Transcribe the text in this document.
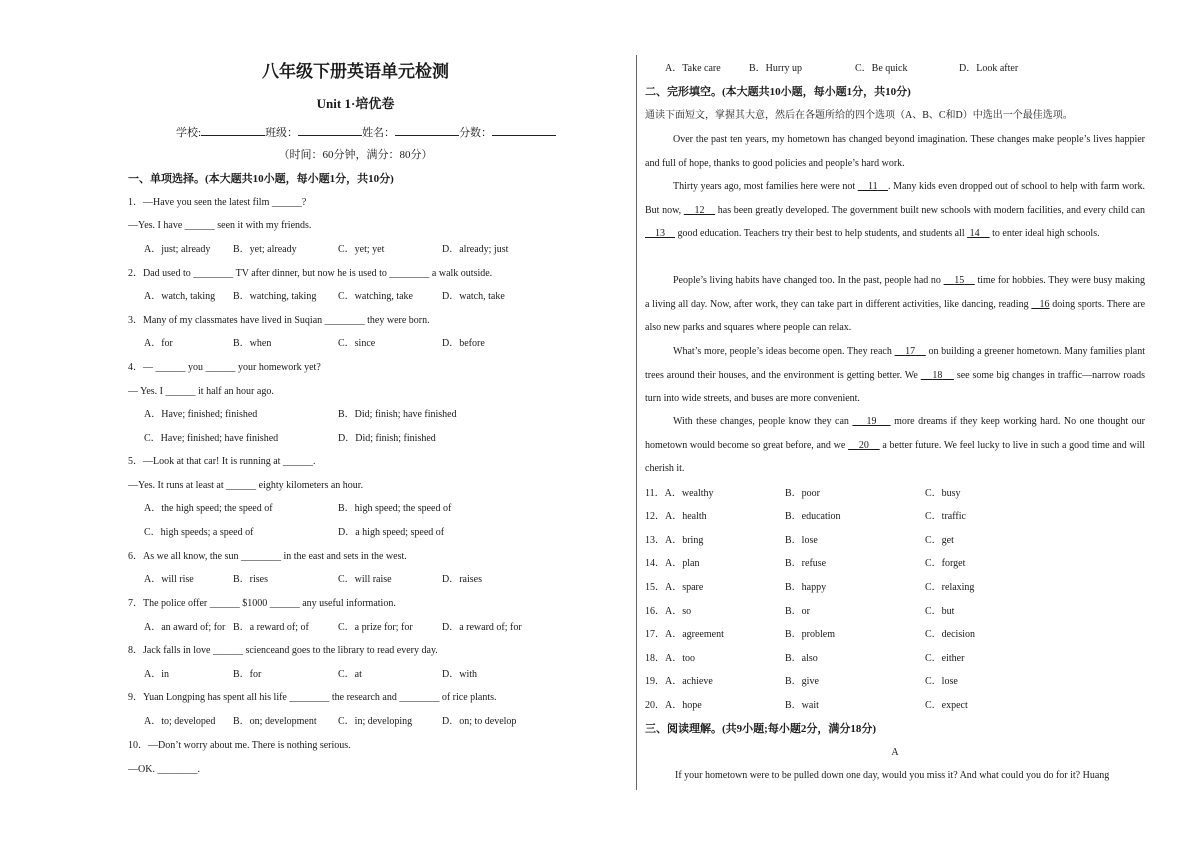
八年级下册英语单元检测
Unit 1·培优卷
学校:	班级：	姓名：	分数：
（时间：60分钟，满分：80分）
一、单项选择。(本大题共10小题，每小题1分，共10分)
1．—Have you seen the latest film ______?
—Yes. I have ______ seen it with my friends.
A．just; already B．yet; already	C．yet; yet	D．already; just
2．Dad used to ________ TV after dinner, but now he is used to ________ a walk outside.
A．watch, taking B．watching, taking C．watching, take	D．watch, take
3．Many of my classmates have lived in Suqian ________ they were born.
A．for	B．when	C．since	D．before
4．— ______ you ______ your homework yet?
— Yes. I ______ it half an hour ago.
A．Have; finished; finished	B．Did; finish; have finished
C．Have; finished; have finished	D．Did; finish; finished
5．—Look at that car! It is running at ______.
—Yes. It runs at least at ______ eighty kilometers an hour.
A．the high speed; the speed of	B．high speed; the speed of
C．high speeds; a speed of	D．a high speed; speed of
6．As we all know, the sun ________ in the east and sets in the west.
A．will rise	B．rises	C．will raise	D．raises
7．The police offer ______ $1000 ______ any useful information.
A．an award of; for B．a reward of; of	C．a prize for; for	D．a reward of; for
8．Jack falls in love ______ scienceand goes to the library to read every day.
A．in	B．for	C．at	D．with
9．Yuan Longping has spent all his life ________ the research and ________ of rice plants.
A．to; developed B．on; development C．in; developing	D．on; to develop
10．—Don’t worry about me. There is nothing serious.
—OK. ________.
A．Take care	B．Hurry up	C．Be quick	D．Look after
二、完形填空。(本大题共10小题，每小题1分，共10分)
通读下面短文，掌握其大意，然后在各题所给的四个选项（A、B、C和D）中选出一个最佳选项。
Over the past ten years, my hometown has changed beyond imagination. These changes make people’s lives happier and full of hope, thanks to good policies and people’s hard work.
Thirty years ago, most families here were not 11 . Many kids even dropped out of school to help with farm work. But now, 12 has been greatly developed. The government built new schools with modern facilities, and every child can     13 good education. Teachers try their best to help students, and students all 14 to enter ideal high schools.
People’s living habits have changed too. In the past, people had no 15 time for hobbies. They were busy making a living all day. Now, after work, they can take part in different activities, like dancing, reading 16 doing sports. There are also new parks and squares where people can relax.
What’s more, people’s ideas become open. They reach 17 on building a greener hometown. Many families plant trees around their houses, and the environment is getting better. We 18 see some big changes in traffic—narrow roads turn into wide streets, and buses are more convenient.
With these changes, people know they can 19 more dreams if they keep working hard. No one thought our hometown would become so great before, and we 20 a better future. We feel lucky to live in such a good time and will cherish it.
11．A．wealthy	B．poor	C．busy
12．A．health	B．education	C．traffic
13．A．bring	B．lose	C．get
14．A．plan	B．refuse	C．forget
15．A．spare	B．happy	C．relaxing
16．A．so	B．or	C．but
17．A．agreement	B．problem	C．decision
18．A．too	B．also	C．either
19．A．achieve	B．give	C．lose
20．A．hope	B．wait	C．expect
三、阅读理解。(共9小题;每小题2分，满分18分)
A
If your hometown were to be pulled down one day, would you miss it? And what could you do for it? Huang
